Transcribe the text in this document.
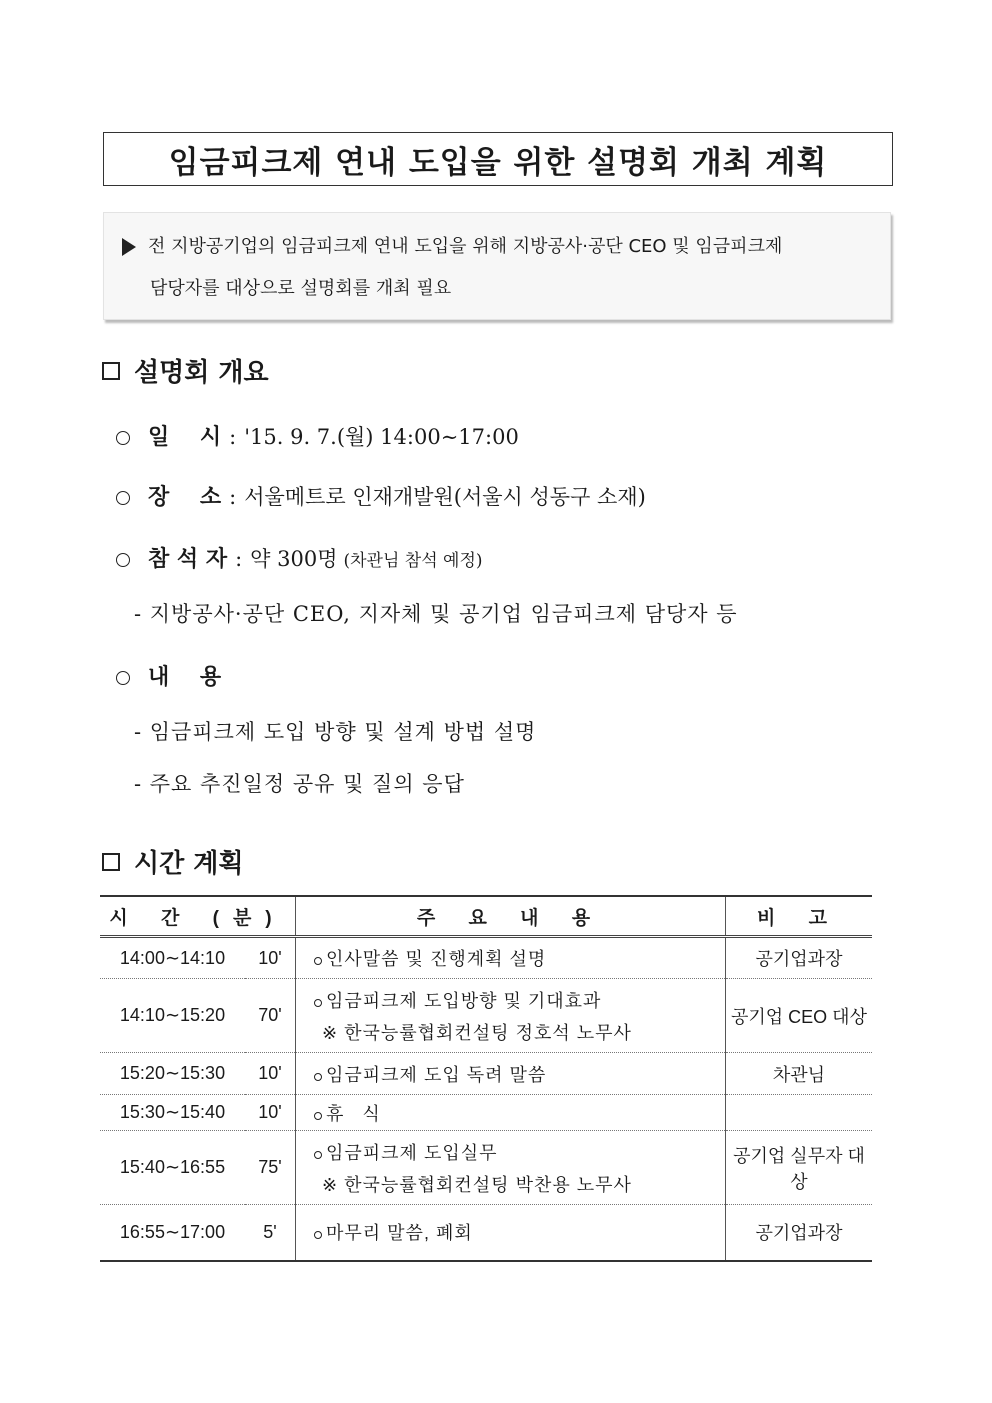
임금피크제 연내 도입을 위한 설명회 개최 계획
전 지방공기업의 임금피크제 연내 도입을 위해 지방공사·공단 CEO 및 임금피크제
담당자를 대상으로 설명회를 개최 필요
설명회 개요
일    시 : '15. 9. 7.(월) 14:00∼17:00
장    소 : 서울메트로 인재개발원(서울시 성동구 소재)
참 석 자 : 약 300명 (차관님 참석 예정)
- 지방공사·공단 CEO, 지자체 및 공기업 임금피크제 담당자 등
내    용
- 임금피크제 도입 방향 및 설계 방법 설명
- 주요 추진일정 공유 및 질의 응답
시간 계획
시 간 (분)		주 요 내 용	비 고
14:00∼14:10	10'	인사말씀 및 진행계획 설명	공기업과장
14:10∼15:20	70'	임금피크제 도입방향 및 기대효과
※ 한국능률협회컨설팅 정호석 노무사	공기업 CEO 대상
15:20∼15:30	10'	임금피크제 도입 독려 말씀	차관님
15:30∼15:40	10'	휴   식	
15:40∼16:55	75'	임금피크제 도입실무
※ 한국능률협회컨설팅 박찬용 노무사	공기업 실무자 대상
16:55∼17:00	5'	마무리 말씀, 폐회	공기업과장
